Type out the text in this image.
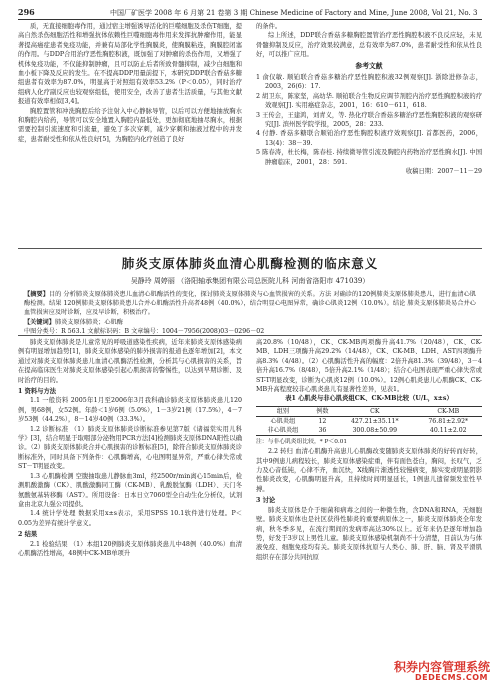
296	中国厂矿医学 2008 年 6 月第 21 卷第 3 期 Chinese Medicine of Factory and Mine, June 2008, Vol 21, No. 3

质，无直接细胞毒作用，通过宿主增强诱导活化的巨噬细胞及杀伤T细胞，提高自然杀伤细胞活性和增强抗体依赖性巨噬细胞毒作用来发挥抗肿瘤作用，能显著提高癌症患者免疫功能，并兼有局部化学性胸膜炎，使胸膜粘连，胸膜腔闭塞的作用。与DDP合用治疗恶性胸腔积液，既加强了对肿瘤的杀伤作用，又增强了机体免疫功能，不仅能抑制肿瘤，且可以防止后者所致骨髓抑制，减少白细胞和血小板下降及反应的发生。在不提高DDP用量前提下，本研究DDP联合香菇多糖组患者有效率为87.0%，明显高于对照组有效率53.2%（P＜0.05），同时治疗组病人化疗副反应也较观察组低，使用安全，改善了患者生活质量，与其他文献报道有效率相似[3,4]。

胸腔置管和冲洗胸腔后给予注射入中心静脉导管，以后可以方便地抽放胸水和胸腔内给药，导管可以安全地置入胸腔内最低处，更加彻底地抽尽胸水，根据需要控制引流速度和引流量，避免了多次穿刺，减少穿刺和抽液过程中的并发症，患者耐受性和依从性良好[5]，为胸腔内化疗创造了良好

的条件。

综上所述，DDP联合香菇多糖胸腔置管治疗恶性胸腔积液不良反应轻，未见骨髓抑制及反应，治疗效果较满意，总有效率为87.0%，患者耐受性和依从性良好，可以推广应用。

参考文献

1 俞仅敏. 顺铂联合香菇多糖治疗恶性胸腔积液32例观察[J]. 浙除进修杂志，2003，26(6)：17.

2 胡卫东，陈家坚，高幼华. 顺铂联合生物反应调节剂腔内治疗恶性胸腔积液的疗效观察[J]. 实用癌症杂志，2001，16：610－611，618.

3 王传会，王建鸿，刘青义，等. 热化疗联合香菇多糖治疗恶性胸腔积液的观察研究[J]. 滨州医学院学报，2005，28：233.

4 付静. 香菇多糖联合顺铂治疗恶性胸腔积液疗效观察[J]. 首都医药，2006，13(4)：38－39.

5 陈春涛，杜长梅，陈春桂. 持续微导管引流及胸腔内药物治疗恶性胸水[J]. 中国肿瘤临床，2001，28：591.

收稿日期：2007－11－29

肺炎支原体肺炎血清心肌酶检测的临床意义
吴静玲 周婷丽 （洛阳轴承集团有限公司总医院儿科 河南省洛阳市 471039）
【摘要】目的 分析肺炎支原体肺炎患儿血清心肌酶活性的变化，探讨肺炎支原体肺炎与心血管损害的关系。方法 对确诊的120例肺炎支原体肺炎患儿，进行血清心肌酶检测。结果 120例肺炎支原体肺炎患儿合并心肌酶活性升高者48例（40.0%），结合明显心电图异常，确诊心肌炎12例（10.0%）。结论 肺炎支原体肺炎易合并心血管损害应及时诊断，应及早诊断，积极治疗。
【关键词】肺炎支原体肺炎；心肌酶
中图分类号：R 563.1 文献标识码：B 文章编号：1004－7956(2008)03－0296－02

肺炎支原体肺炎是儿童常见的呼吸道感染性疾病，近年来肺炎支原体感染病例有明显增加趋势[1]，肺炎支原体感染的肺外损害的报道也逐年增加[2]，本文通过对肺炎支原体肺炎患儿血清心肌酶活性检测，分析其与心肌损害的关系，旨在提高临床医生对肺炎支原体感染引起心肌损害的警惕性，以达到早期诊断、及时治疗的目的。

1 资料与方法

1.1 一般资料 2005年1月至2006年3月我科确诊肺炎支原体肺炎患儿120例，男68例，女52例。年龄＜1岁6例（5.0%），1－3岁21例（17.5%），4－7岁53例（44.2%），8－14岁40例（33.3%）。

1.2 诊断标准 （1）肺炎支原体肺炎诊断标准参见第7版《诸福棠实用儿科学》[3]，结合明显于取咽部分泌物用PCR方法[4]检测肺炎支原体DNA阳性以确诊。（2）肺炎支原体肺炎合并心肌损害的诊断标准[5]，除符合肺炎支原体肺炎诊断标准外，同时具备下列条件：心肌酶增高，心电图明显异常，严重心律失常或ST－T明显改变。

1.3 心肌酶检测 空腹抽取患儿静脉血3ml，经2500r/min离心15min后，检测肌酸激酶（CK）、肌酸激酶同工酶（CK-MB）、乳酸脱氢酶（LDH）、天门冬氨酸氨基转移酶（AST）。所用设备：日本日立7060型全自动生化分析仪，试剂盒由北京九强公司提供。

1.4 统计学处理 数据采用x±s表示，采用SPSS 10.1软件进行处理。P＜0.05为差异有统计学意义。

2 结果

2.1 检验结果 （1）本组120例肺炎支原体肺炎患儿中48例（40.0%）血清心肌酶活性增高，48例中CK-MB单项升

高20.8%（10/48），CK、CK-MB两项酶升高41.7%（20/48），CK、CK-MB、LDH三项酶升高29.2%（14/48），CK、CK-MB、LDH、AST四项酶升高8.3%（4/48）。（2）心肌酶活性升高的幅度：2倍升高81.3%（39/48），3－4倍升高16.7%（8/48），5倍升高2.1%（1/48）；结合心电图表现严重心律失常或ST-T明显改变，诊断为心肌炎12例（10.0%）。12例心肌炎患儿心肌酶CK、CK-MB升高程度较非心肌炎患儿有显著性差异，见表1。

表1 心肌炎与非心肌炎组CK、CK-MB比较（U/L，x±s）

组别	例数	CK	CK-MB
心肌炎组	12	427.21±35.11*	76.81±2.92*
非心肌炎组	36	300.08±50.99	40.11±2.02

注：与非心肌炎组比较，* P＜0.01

2.2 转归 血清心肌酶升高患儿心肌酶改变随肺炎支原体肺炎的好转而好转，其中9例患儿病程较长，肺炎支原体感染症重，伴有面色苍白，胸闷，长叹气，乏力及心音低钝，心律不齐，血沉快，X线胸片渐透性较慢病变，肺实变或明显阴影性肺炎改变，心肌酶明显升高，且持续时间明显延长，1例患儿遗留频发室性早搏。

3 讨论

肺炎支原体是介于细菌和病毒之间的一种微生物，含DNA和RNA，无细胞壁。肺炎支原体也是社区获得性肺炎的重要病原体之一，肺炎支原体肺炎全年发病，秋冬季多见，在流行期间的发病率高达30%以上。近年来仍是逐年增加趋势，好发于3岁以上男性儿童。肺炎支原体感染机制尚不十分清楚，目前认为与体液免疫、细胞免疫均有关。肺炎支原体抗原与人类心、肺、肝、脑、肾及平滑肌组织存在部分共同抗原

积券内容管理系统
DEDECMS.COM
